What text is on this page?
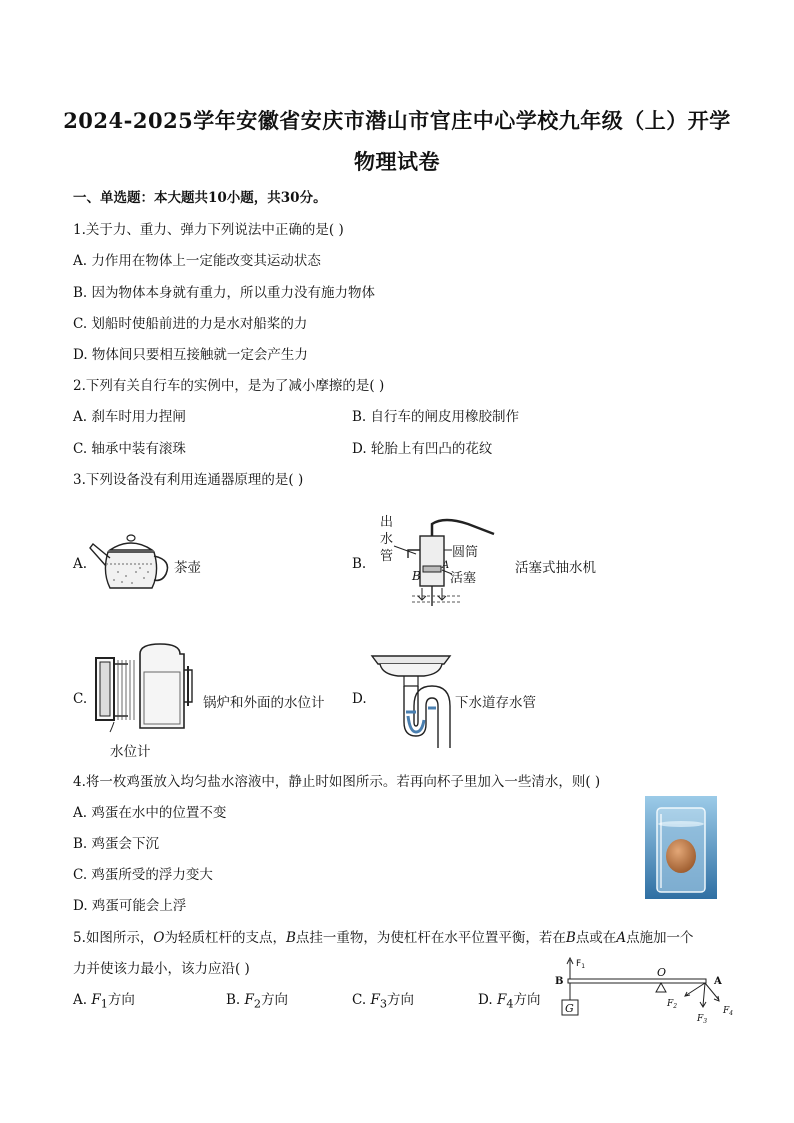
2024-2025学年安徽省安庆市潜山市官庄中心学校九年级（上）开学
物理试卷
一、单选题：本大题共10小题，共30分。
1.关于力、重力、弹力下列说法中正确的是( )
A. 力作用在物体上一定能改变其运动状态
B. 因为物体本身就有重力，所以重力没有施力物体
C. 划船时使船前进的力是水对船桨的力
D. 物体间只要相互接触就一定会产生力
2.下列有关自行车的实例中，是为了减小摩擦的是( )
A. 刹车时用力捏闸	B. 自行车的闸皮用橡胶制作
C. 轴承中装有滚珠	D. 轮胎上有凹凸的花纹
3.下列设备没有利用连通器原理的是( )
A.	茶壶	B.
出
水
管
B
A
圆筒
活塞
活塞式抽水机
C.
水位计
锅炉和外面的水位计 D.	下水道存水管
4.将一枚鸡蛋放入均匀盐水溶液中，静止时如图所示。若再向杯子里加入一些清水，则( )
A. 鸡蛋在水中的位置不变
B. 鸡蛋会下沉
C. 鸡蛋所受的浮力变大
D. 鸡蛋可能会上浮
5.如图所示，O为轻质杠杆的支点，B点挂一重物，为使杠杆在水平位置平衡，若在B点或在A点施加一个
力并使该力最小，该力应沿( )
A. $F_1$方向	B. $F_2$方向	C. $F_3$方向	D. $F_4$方向
$F_1$
B
G
O
A
$F_2$
$F_3$
$F_4$
